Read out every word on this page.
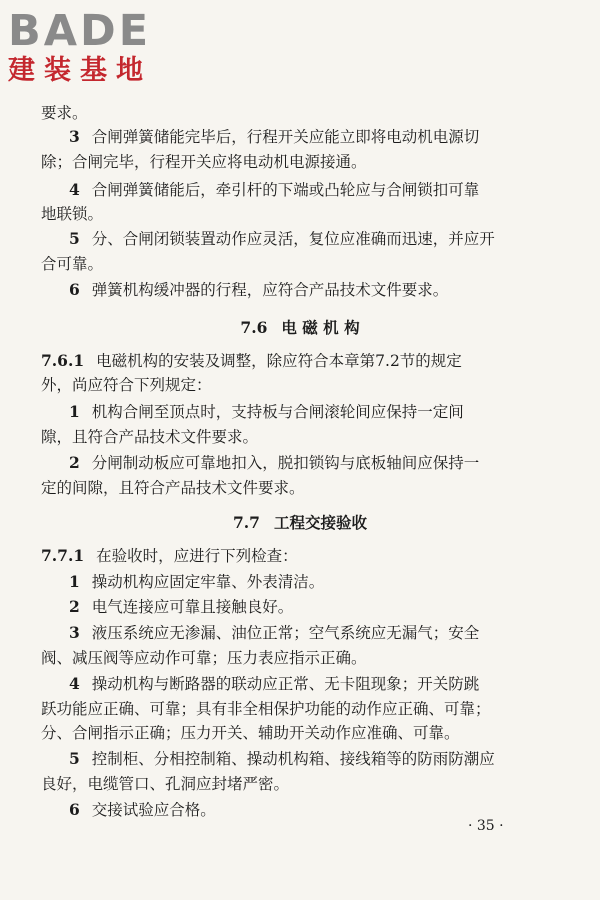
BADE
建装基地
要求。
3 合闸弹簧储能完毕后，行程开关应能立即将电动机电源切
除；合闸完毕，行程开关应将电动机电源接通。
4 合闸弹簧储能后，牵引杆的下端或凸轮应与合闸锁扣可靠
地联锁。
5 分、合闸闭锁装置动作应灵活，复位应准确而迅速，并应开
合可靠。
6 弹簧机构缓冲器的行程，应符合产品技术文件要求。
7.6 电 磁 机 构
7.6.1 电磁机构的安装及调整，除应符合本章第7.2节的规定
外，尚应符合下列规定：
1 机构合闸至顶点时，支持板与合闸滚轮间应保持一定间
隙，且符合产品技术文件要求。
2 分闸制动板应可靠地扣入，脱扣锁钩与底板轴间应保持一
定的间隙，且符合产品技术文件要求。
7.7 工程交接验收
7.7.1 在验收时，应进行下列检查：
1 操动机构应固定牢靠、外表清洁。
2 电气连接应可靠且接触良好。
3 液压系统应无渗漏、油位正常；空气系统应无漏气；安全
阀、减压阀等应动作可靠；压力表应指示正确。
4 操动机构与断路器的联动应正常、无卡阻现象；开关防跳
跃功能应正确、可靠；具有非全相保护功能的动作应正确、可靠；
分、合闸指示正确；压力开关、辅助开关动作应准确、可靠。
5 控制柜、分相控制箱、操动机构箱、接线箱等的防雨防潮应
良好，电缆管口、孔洞应封堵严密。
6 交接试验应合格。
· 35 ·
